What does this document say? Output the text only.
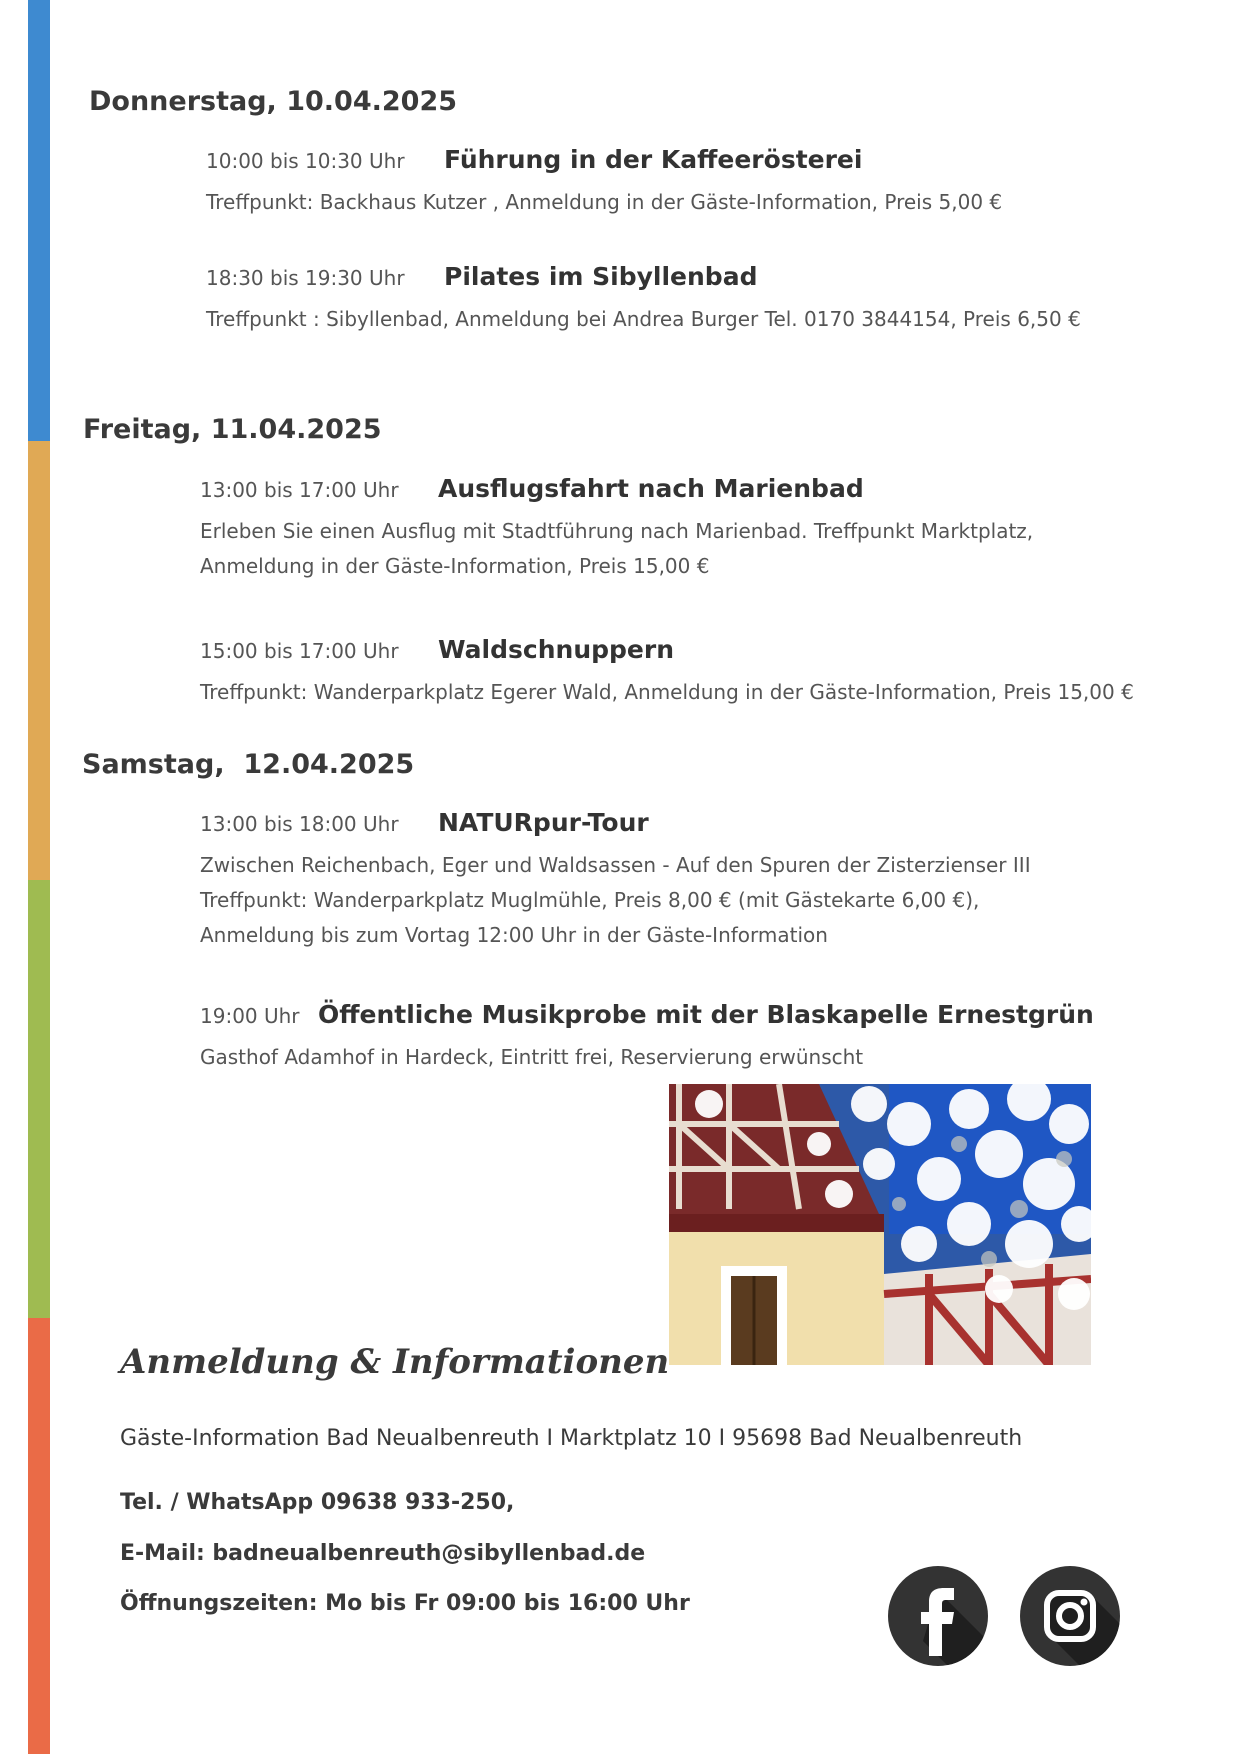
Donnerstag, 10.04.2025
10:00 bis 10:30 Uhr Führung in der Kaffeerösterei
Treffpunkt: Backhaus Kutzer , Anmeldung in der Gäste-Information, Preis 5,00 €
18:30 bis 19:30 Uhr Pilates im Sibyllenbad
Treffpunkt : Sibyllenbad, Anmeldung bei Andrea Burger Tel. 0170 3844154, Preis 6,50 €
Freitag, 11.04.2025
13:00 bis 17:00 Uhr Ausflugsfahrt nach Marienbad
Erleben Sie einen Ausflug mit Stadtführung nach Marienbad. Treffpunkt Marktplatz,
Anmeldung in der Gäste-Information, Preis 15,00 €
15:00 bis 17:00 Uhr Waldschnuppern
Treffpunkt: Wanderparkplatz Egerer Wald, Anmeldung in der Gäste-Information, Preis 15,00 €
Samstag,  12.04.2025
13:00 bis 18:00 Uhr NATURpur-Tour
Zwischen Reichenbach, Eger und Waldsassen - Auf den Spuren der Zisterzienser III
Treffpunkt: Wanderparkplatz Muglmühle, Preis 8,00 € (mit Gästekarte 6,00 €),
Anmeldung bis zum Vortag 12:00 Uhr in der Gäste-Information
19:00 Uhr Öffentliche Musikprobe mit der Blaskapelle Ernestgrün
Gasthof Adamhof in Hardeck, Eintritt frei, Reservierung erwünscht
Anmeldung & Informationen
Gäste-Information Bad Neualbenreuth I Marktplatz 10 I 95698 Bad Neualbenreuth
Tel. / WhatsApp 09638 933-250,
E-Mail: badneualbenreuth@sibyllenbad.de
Öffnungszeiten: Mo bis Fr 09:00 bis 16:00 Uhr
